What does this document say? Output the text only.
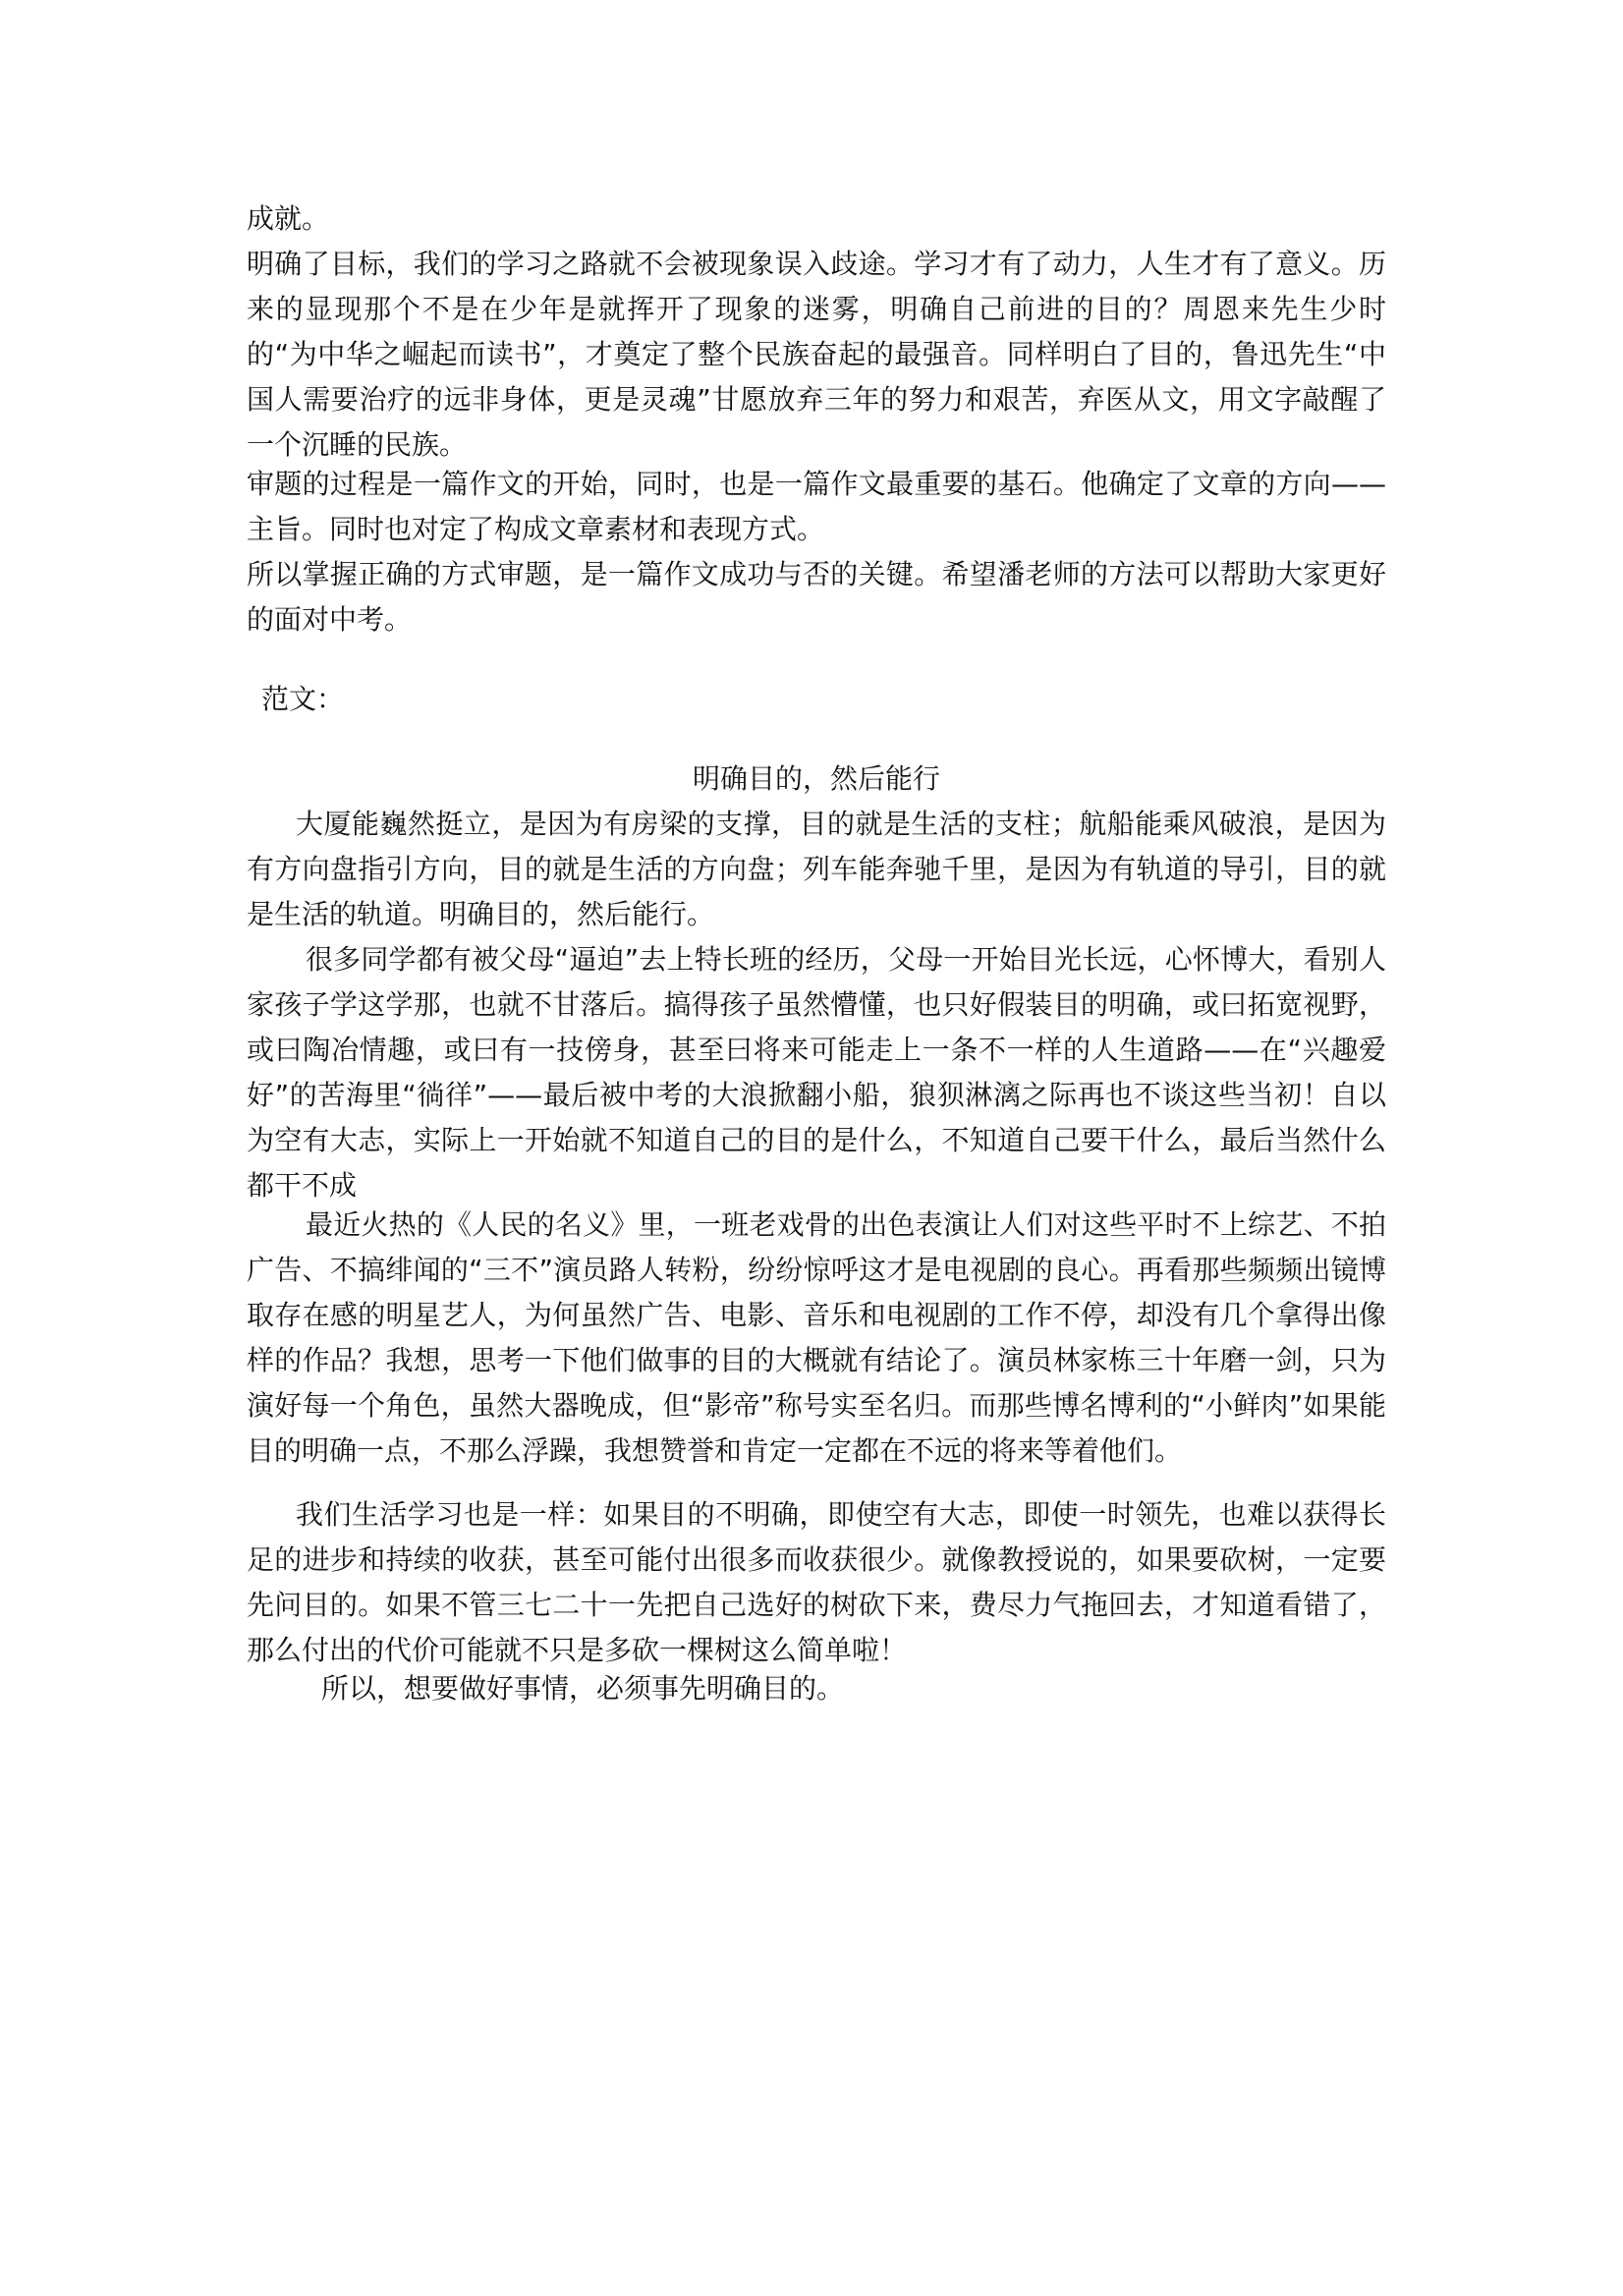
成就。

明确了目标，我们的学习之路就不会被现象误入歧途。学习才有了动力，人生才有了意义。历来的显现那个不是在少年是就挥开了现象的迷雾，明确自己前进的目的？周恩来先生少时的“为中华之崛起而读书”，才奠定了整个民族奋起的最强音。同样明白了目的，鲁迅先生“中国人需要治疗的远非身体，更是灵魂”甘愿放弃三年的努力和艰苦，弃医从文，用文字敲醒了一个沉睡的民族。

审题的过程是一篇作文的开始，同时，也是一篇作文最重要的基石。他确定了文章的方向——主旨。同时也对定了构成文章素材和表现方式。

所以掌握正确的方式审题，是一篇作文成功与否的关键。希望潘老师的方法可以帮助大家更好的面对中考。

范文：

明确目的，然后能行

大厦能巍然挺立，是因为有房梁的支撑，目的就是生活的支柱；航船能乘风破浪，是因为有方向盘指引方向，目的就是生活的方向盘；列车能奔驰千里，是因为有轨道的导引，目的就是生活的轨道。明确目的，然后能行。

很多同学都有被父母“逼迫”去上特长班的经历，父母一开始目光长远，心怀博大，看别人家孩子学这学那，也就不甘落后。搞得孩子虽然懵懂，也只好假装目的明确，或曰拓宽视野，或曰陶冶情趣，或曰有一技傍身，甚至曰将来可能走上一条不一样的人生道路——在“兴趣爱好”的苦海里“徜徉”——最后被中考的大浪掀翻小船，狼狈淋漓之际再也不谈这些当初！自以为空有大志，实际上一开始就不知道自己的目的是什么，不知道自己要干什么，最后当然什么都干不成

最近火热的《人民的名义》里，一班老戏骨的出色表演让人们对这些平时不上综艺、不拍广告、不搞绯闻的“三不”演员路人转粉，纷纷惊呼这才是电视剧的良心。再看那些频频出镜博取存在感的明星艺人，为何虽然广告、电影、音乐和电视剧的工作不停，却没有几个拿得出像样的作品？我想，思考一下他们做事的目的大概就有结论了。演员林家栋三十年磨一剑，只为演好每一个角色，虽然大器晚成，但“影帝”称号实至名归。而那些博名博利的“小鲜肉”如果能目的明确一点，不那么浮躁，我想赞誉和肯定一定都在不远的将来等着他们。

我们生活学习也是一样：如果目的不明确，即使空有大志，即使一时领先，也难以获得长足的进步和持续的收获，甚至可能付出很多而收获很少。就像教授说的，如果要砍树，一定要先问目的。如果不管三七二十一先把自己选好的树砍下来，费尽力气拖回去，才知道看错了，那么付出的代价可能就不只是多砍一棵树这么简单啦！

所以，想要做好事情，必须事先明确目的。
